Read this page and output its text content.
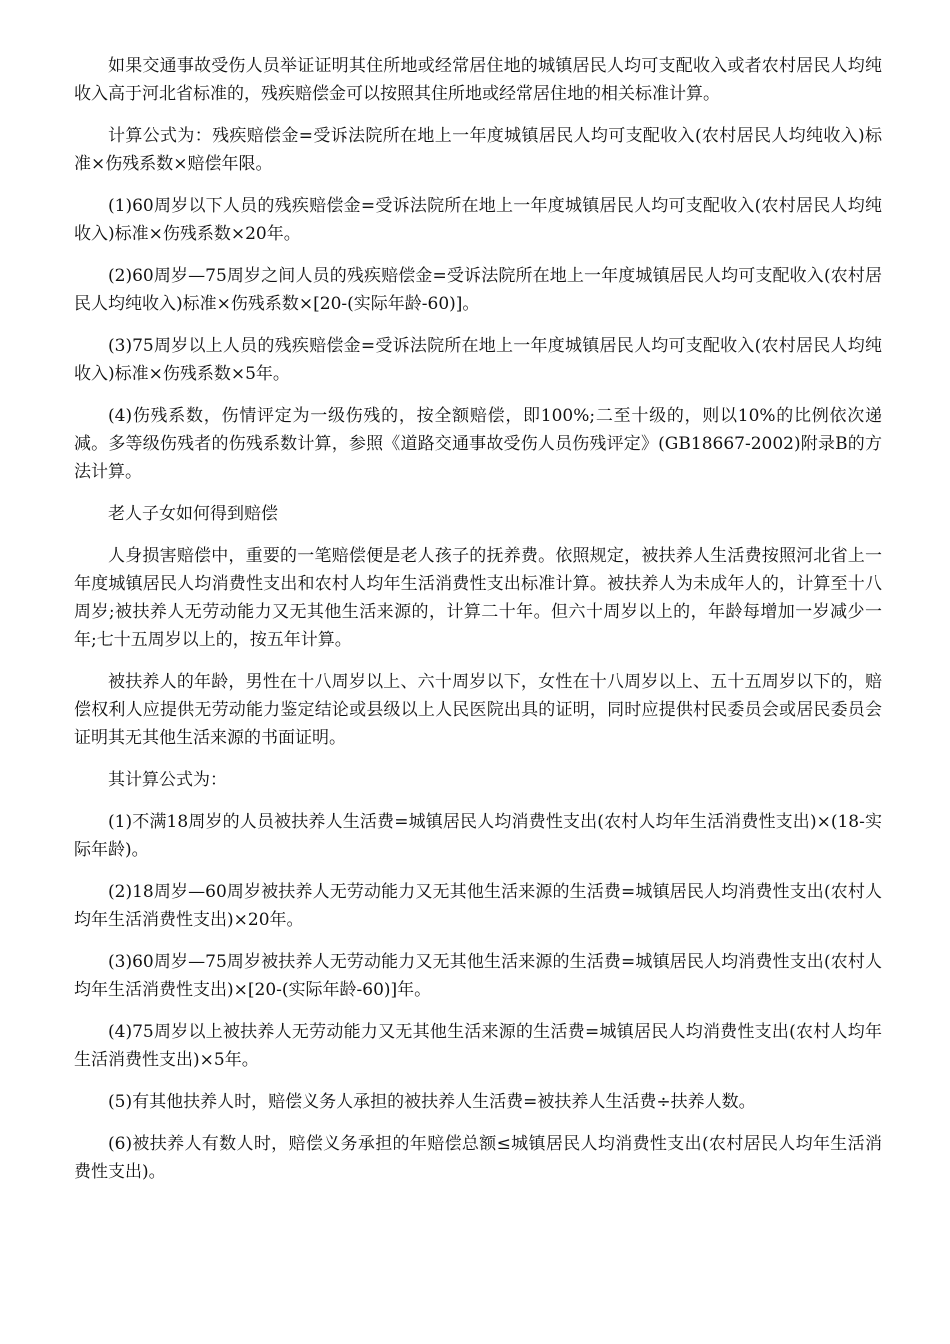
如果交通事故受伤人员举证证明其住所地或经常居住地的城镇居民人均可支配收入或者农村居民人均纯收入高于河北省标准的，残疾赔偿金可以按照其住所地或经常居住地的相关标准计算。

计算公式为：残疾赔偿金=受诉法院所在地上一年度城镇居民人均可支配收入(农村居民人均纯收入)标准×伤残系数×赔偿年限。

(1)60周岁以下人员的残疾赔偿金=受诉法院所在地上一年度城镇居民人均可支配收入(农村居民人均纯收入)标准×伤残系数×20年。

(2)60周岁—75周岁之间人员的残疾赔偿金=受诉法院所在地上一年度城镇居民人均可支配收入(农村居民人均纯收入)标准×伤残系数×[20-(实际年龄-60)]。

(3)75周岁以上人员的残疾赔偿金=受诉法院所在地上一年度城镇居民人均可支配收入(农村居民人均纯收入)标准×伤残系数×5年。

(4)伤残系数，伤情评定为一级伤残的，按全额赔偿，即100%;二至十级的，则以10%的比例依次递减。多等级伤残者的伤残系数计算，参照《道路交通事故受伤人员伤残评定》(GB18667-2002)附录B的方法计算。

老人子女如何得到赔偿

人身损害赔偿中，重要的一笔赔偿便是老人孩子的抚养费。依照规定，被扶养人生活费按照河北省上一年度城镇居民人均消费性支出和农村人均年生活消费性支出标准计算。被扶养人为未成年人的，计算至十八周岁;被扶养人无劳动能力又无其他生活来源的，计算二十年。但六十周岁以上的，年龄每增加一岁减少一年;七十五周岁以上的，按五年计算。

被扶养人的年龄，男性在十八周岁以上、六十周岁以下，女性在十八周岁以上、五十五周岁以下的，赔偿权利人应提供无劳动能力鉴定结论或县级以上人民医院出具的证明，同时应提供村民委员会或居民委员会证明其无其他生活来源的书面证明。

其计算公式为：

(1)不满18周岁的人员被扶养人生活费=城镇居民人均消费性支出(农村人均年生活消费性支出)×(18-实际年龄)。

(2)18周岁—60周岁被扶养人无劳动能力又无其他生活来源的生活费=城镇居民人均消费性支出(农村人均年生活消费性支出)×20年。

(3)60周岁—75周岁被扶养人无劳动能力又无其他生活来源的生活费=城镇居民人均消费性支出(农村人均年生活消费性支出)×[20-(实际年龄-60)]年。

(4)75周岁以上被扶养人无劳动能力又无其他生活来源的生活费=城镇居民人均消费性支出(农村人均年生活消费性支出)×5年。

(5)有其他扶养人时，赔偿义务人承担的被扶养人生活费=被扶养人生活费÷扶养人数。

(6)被扶养人有数人时，赔偿义务承担的年赔偿总额≤城镇居民人均消费性支出(农村居民人均年生活消费性支出)。
